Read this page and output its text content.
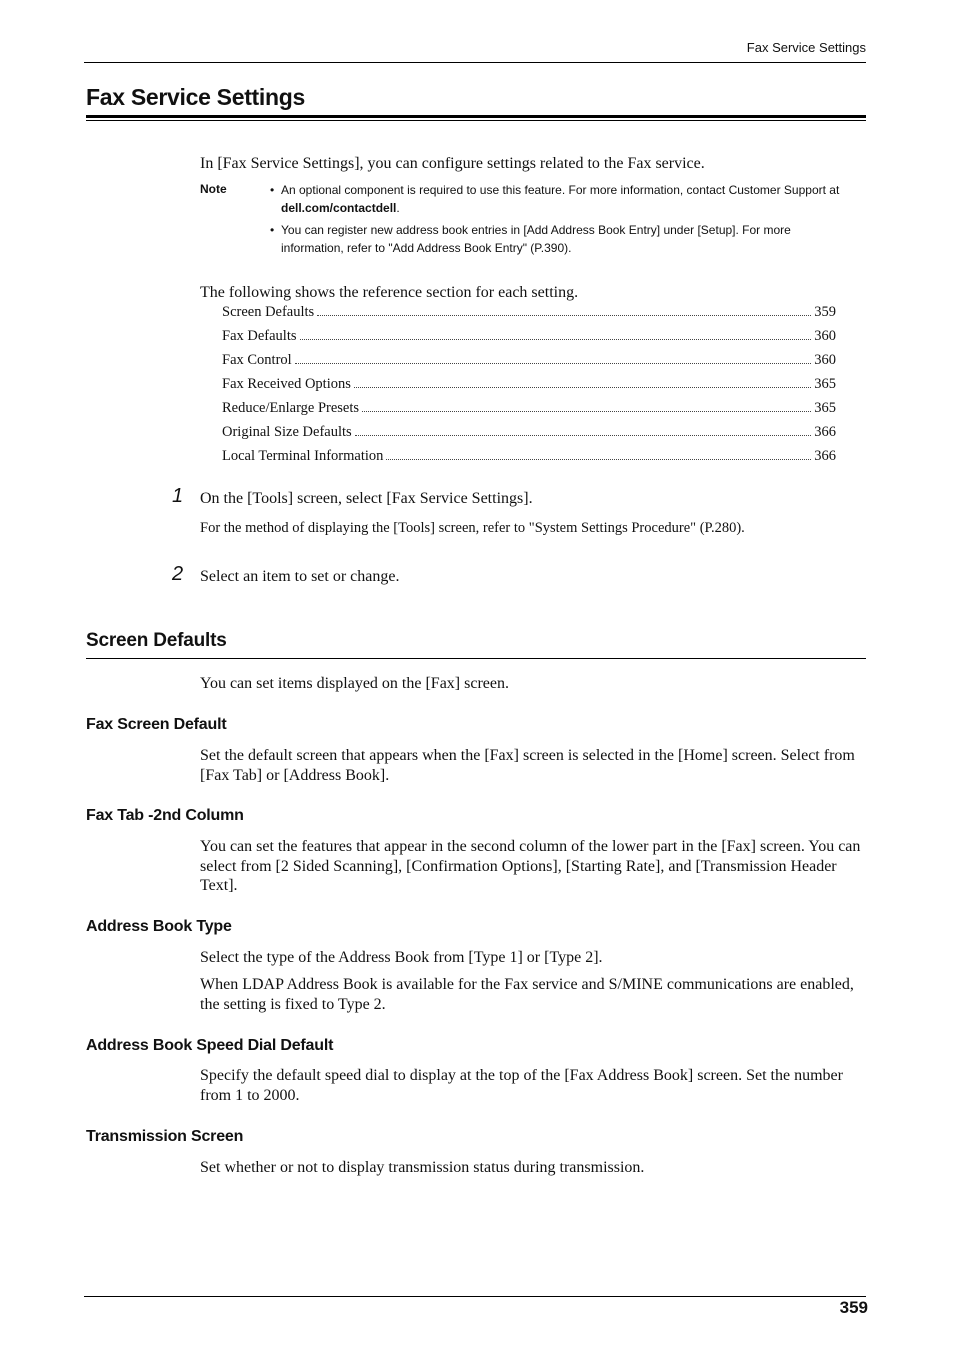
Fax Service Settings
Fax Service Settings
In [Fax Service Settings], you can configure settings related to the Fax service.
Note	• An optional component is required to use this feature. For more information, contact Customer Support at dell.com/contactdell.
• You can register new address book entries in [Add Address Book Entry] under [Setup]. For more information, refer to "Add Address Book Entry" (P.390).
The following shows the reference section for each setting.
Screen Defaults	359
Fax Defaults	360
Fax Control	360
Fax Received Options	365
Reduce/Enlarge Presets	365
Original Size Defaults	366
Local Terminal Information	366
1 On the [Tools] screen, select [Fax Service Settings].
For the method of displaying the [Tools] screen, refer to "System Settings Procedure" (P.280).
2 Select an item to set or change.
Screen Defaults
You can set items displayed on the [Fax] screen.
Fax Screen Default
Set the default screen that appears when the [Fax] screen is selected in the [Home] screen. Select from [Fax Tab] or [Address Book].
Fax Tab -2nd Column
You can set the features that appear in the second column of the lower part in the [Fax] screen. You can select from [2 Sided Scanning], [Confirmation Options], [Starting Rate], and [Transmission Header Text].
Address Book Type
Select the type of the Address Book from [Type 1] or [Type 2].
When LDAP Address Book is available for the Fax service and S/MINE communications are enabled, the setting is fixed to Type 2.
Address Book Speed Dial Default
Specify the default speed dial to display at the top of the [Fax Address Book] screen. Set the number from 1 to 2000.
Transmission Screen
Set whether or not to display transmission status during transmission.
359
